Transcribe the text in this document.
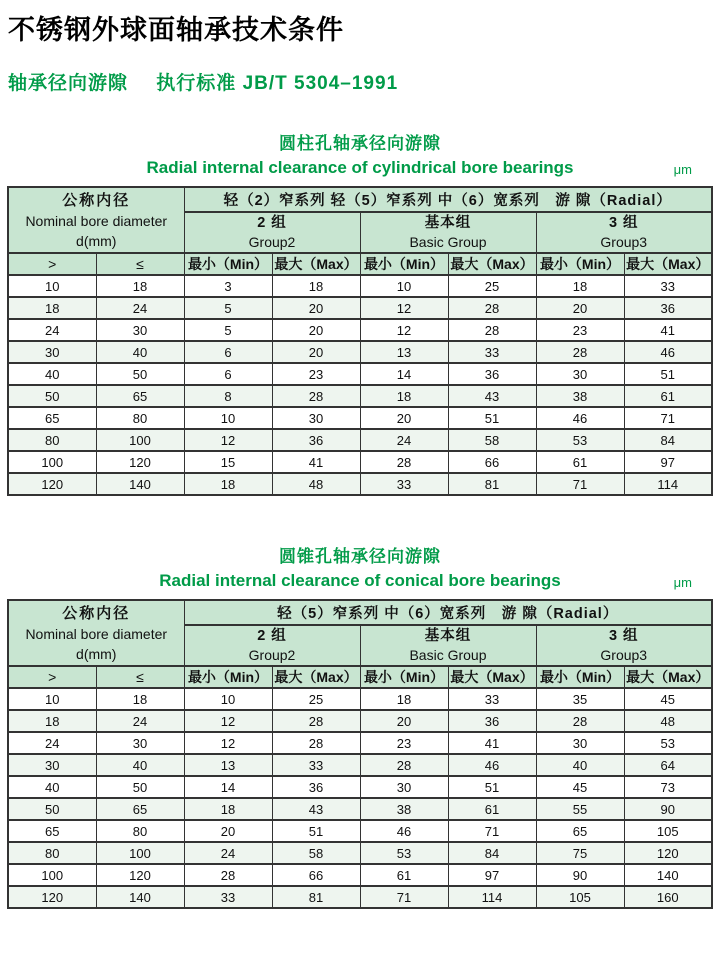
不锈钢外球面轴承技术条件
轴承径向游隙 执行标准 JB/T 5304–1991
圆柱孔轴承径向游隙
Radial internal clearance of cylindrical bore bearings	μm
公称内径
Nominal bore diameter
d(mm)		轻（2）窄系列 轻（5）窄系列 中（6）宽系列　游 隙（Radial）					

2 组
Group2

基本组
Basic Group

3 组
Group3

>	≤	最小（Min）	最大（Max）	最小（Min）	最大（Max）	最小（Min）	最大（Max）
10	18	3	18	10	25	18	33
18	24	5	20	12	28	20	36
24	30	5	20	12	28	23	41
30	40	6	20	13	33	28	46
40	50	6	23	14	36	30	51
50	65	8	28	18	43	38	61
65	80	10	30	20	51	46	71
80	100	12	36	24	58	53	84
100	120	15	41	28	66	61	97
120	140	18	48	33	81	71	114
圆锥孔轴承径向游隙
Radial internal clearance of conical bore bearings	μm
公称内径
Nominal bore diameter
d(mm)		轻（5）窄系列 中（6）宽系列　游 隙（Radial）					

2 组
Group2

基本组
Basic Group

3 组
Group3

>	≤	最小（Min）	最大（Max）	最小（Min）	最大（Max）	最小（Min）	最大（Max）
10	18	10	25	18	33	35	45
18	24	12	28	20	36	28	48
24	30	12	28	23	41	30	53
30	40	13	33	28	46	40	64
40	50	14	36	30	51	45	73
50	65	18	43	38	61	55	90
65	80	20	51	46	71	65	105
80	100	24	58	53	84	75	120
100	120	28	66	61	97	90	140
120	140	33	81	71	114	105	160
